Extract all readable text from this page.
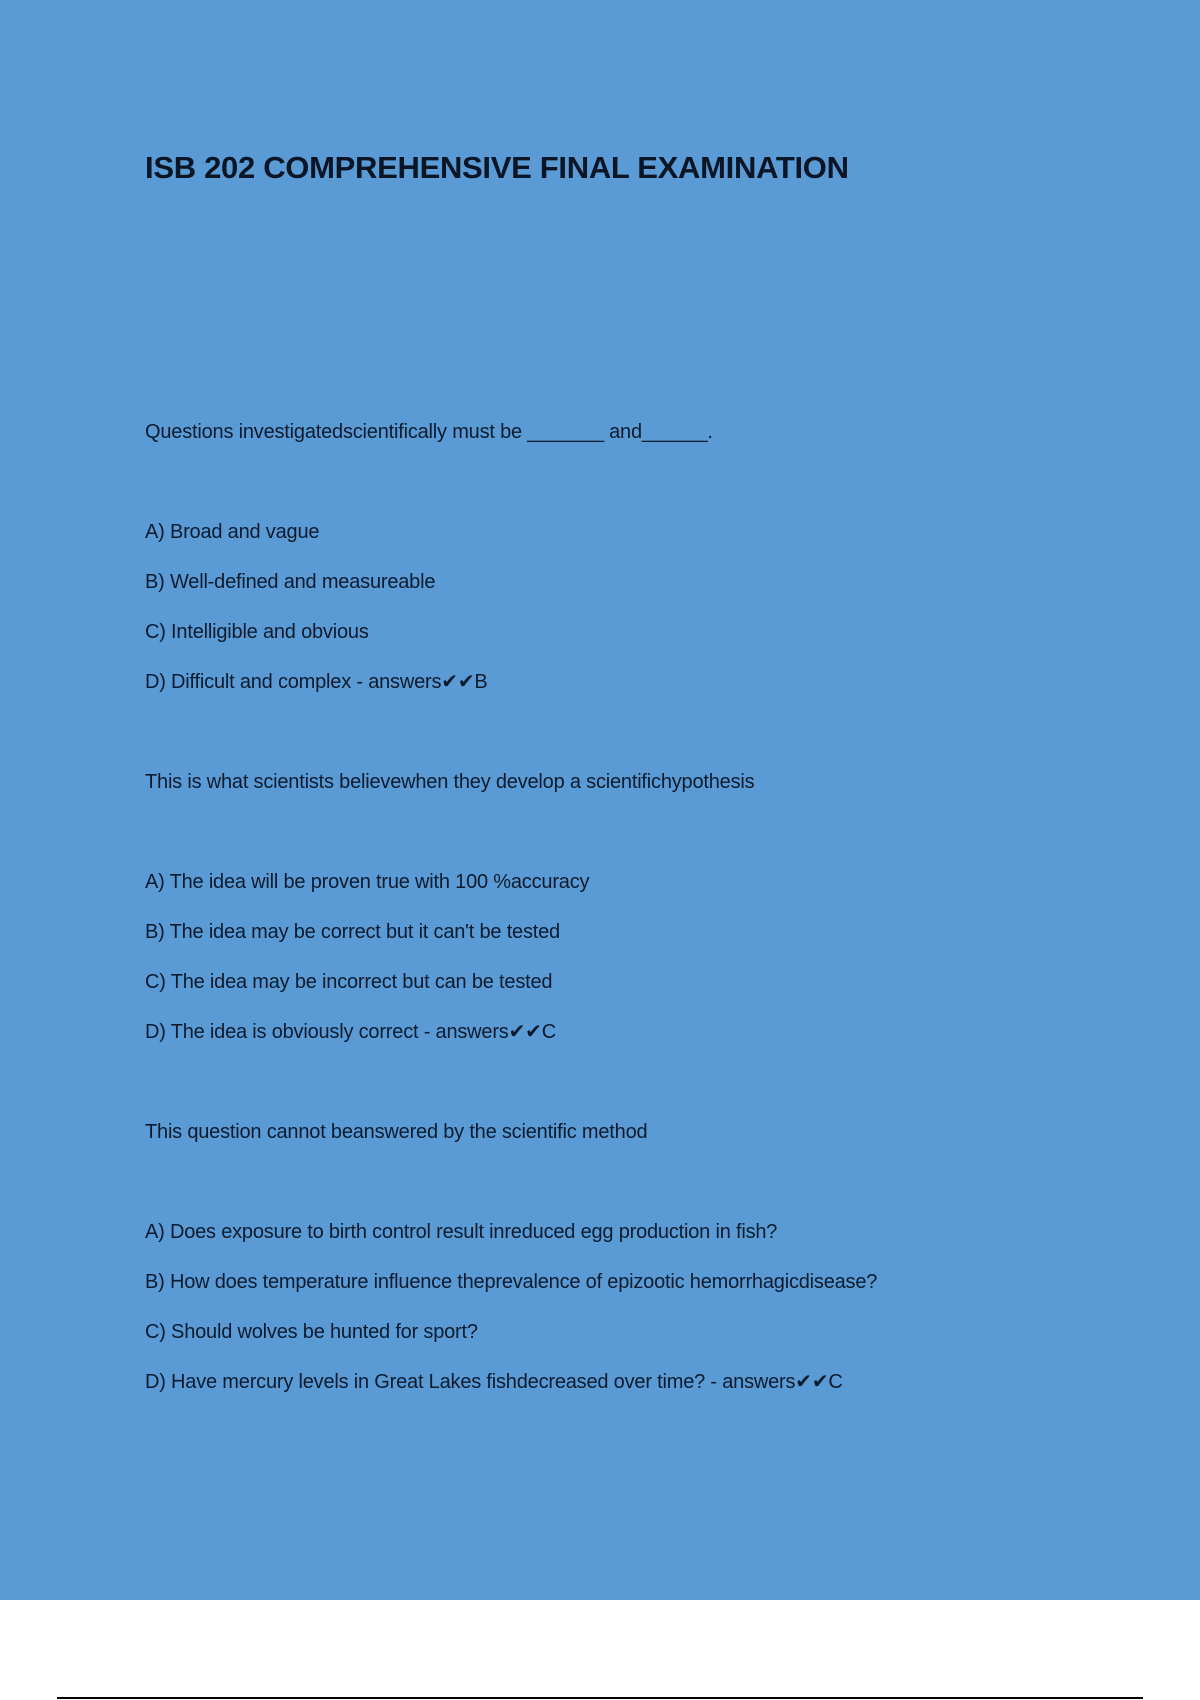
ISB 202 COMPREHENSIVE FINAL EXAMINATION

Questions investigatedscientifically must be _______ and______.

A) Broad and vague
B) Well-defined and measureable
C) Intelligible and obvious
D) Difficult and complex - answers✔✔B

This is what scientists believewhen they develop a scientifichypothesis

A) The idea will be proven true with 100 %accuracy
B) The idea may be correct but it can't be tested
C) The idea may be incorrect but can be tested
D) The idea is obviously correct - answers✔✔C

This question cannot beanswered by the scientific method

A) Does exposure to birth control result inreduced egg production in fish?
B) How does temperature influence theprevalence of epizootic hemorrhagicdisease?
C) Should wolves be hunted for sport?
D) Have mercury levels in Great Lakes fishdecreased over time? - answers✔✔C
